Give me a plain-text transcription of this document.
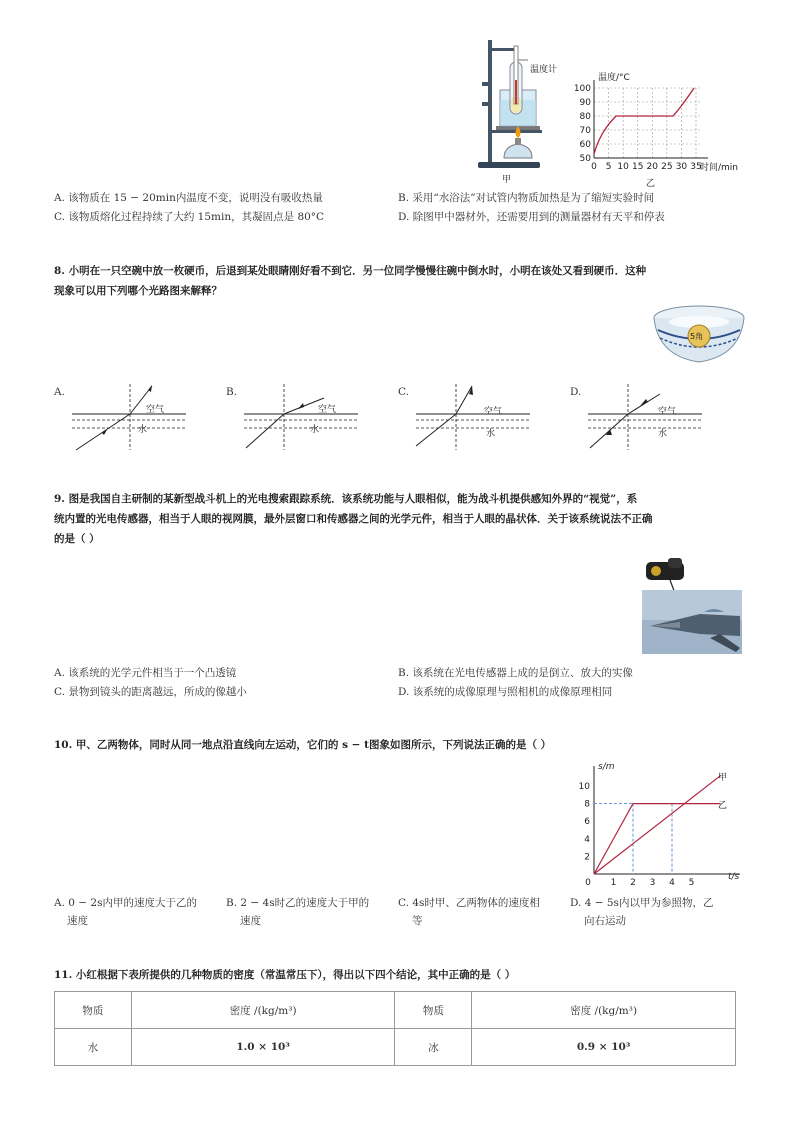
温度计
甲
100
90
80
70
60
50
0 5 10 15 20 25 30 35
温度/°C
时间/min
乙
A. 该物质在 15 − 20min内温度不变，说明没有吸收热量	B. 采用“水浴法”对试管内物质加热是为了缩短实验时间
C. 该物质熔化过程持续了大约 15min，其凝固点是 80°C	D. 除图甲中器材外，还需要用到的测量器材有天平和停表
8. 小明在一只空碗中放一枚硬币，后退到某处眼睛刚好看不到它．另一位同学慢慢往碗中倒水时，小明在该处又看到硬币．这种
现象可以用下列哪个光路图来解释？
5角
A.	B.	C.	D.
空气
水
空气
水
空气
水
空气
水
9. 图是我国自主研制的某新型战斗机上的光电搜索跟踪系统．该系统功能与人眼相似，能为战斗机提供感知外界的“视觉”，系
统内置的光电传感器，相当于人眼的视网膜，最外层窗口和传感器之间的光学元件，相当于人眼的晶状体．关于该系统说法不正确
的是（ ）
A. 该系统的光学元件相当于一个凸透镜	B. 该系统在光电传感器上成的是倒立、放大的实像
C. 景物到镜头的距离越远，所成的像越小	D. 该系统的成像原理与照相机的成像原理相同
10. 甲、乙两物体，同时从同一地点沿直线向左运动，它们的 s − t图象如图所示，下列说法正确的是（ ）
10
8
6
4
2
0 1 2 3 4 5
s/m
t/s
甲
乙
A. 0 − 2s内甲的速度大于乙的
速度
B. 2 − 4s时乙的速度大于甲的
速度
C. 4s时甲、乙两物体的速度相
等
D. 4 − 5s内以甲为参照物，乙
向右运动
11. 小红根据下表所提供的几种物质的密度（常温常压下），得出以下四个结论，其中正确的是（ ）
物质	密度 /(kg/m³)	物质	密度 /(kg/m³)
水	1.0 × 10³	冰	0.9 × 10³
